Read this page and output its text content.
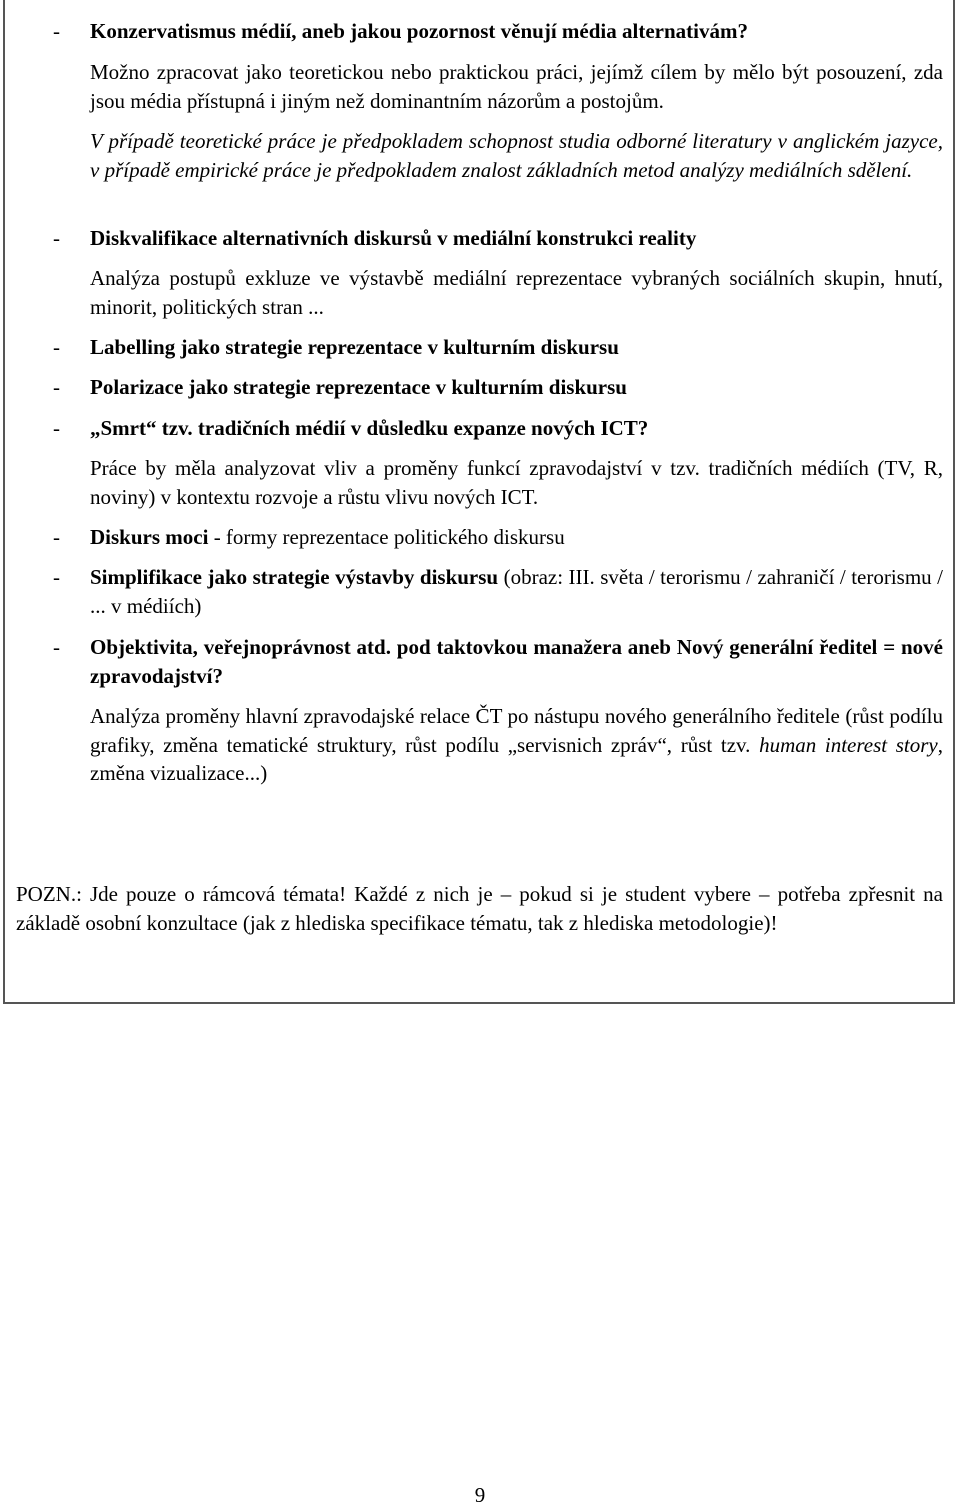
- Konzervatismus médií, aneb jakou pozornost věnují média alternativám?
Možno zpracovat jako teoretickou nebo praktickou práci, jejímž cílem by mělo být posouzení, zda jsou média přístupná i jiným než dominantním názorům a postojům.
V případě teoretické práce je předpokladem schopnost studia odborné literatury v anglickém jazyce, v případě empirické práce je předpokladem znalost základních metod analýzy mediálních sdělení.
- Diskvalifikace alternativních diskursů v mediální konstrukci reality
Analýza postupů exkluze ve výstavbě mediální reprezentace vybraných sociálních skupin, hnutí, minorit, politických stran ...
- Labelling jako strategie reprezentace v kulturním diskursu
- Polarizace jako strategie reprezentace v kulturním diskursu
- „Smrt“ tzv. tradičních médií v důsledku expanze nových ICT?
Práce by měla analyzovat vliv a proměny funkcí zpravodajství v tzv. tradičních médiích (TV, R, noviny) v kontextu rozvoje a růstu vlivu nových ICT.
- Diskurs moci - formy reprezentace politického diskursu
- Simplifikace jako strategie výstavby diskursu (obraz: III. světa / terorismu / zahraničí / terorismu / ... v médiích)
- Objektivita, veřejnoprávnost atd. pod taktovkou manažera aneb Nový generální ředitel = nové zpravodajství?
Analýza proměny hlavní zpravodajské relace ČT po nástupu nového generálního ředitele (růst podílu grafiky, změna tematické struktury, růst podílu „servisnich zpráv“, růst tzv. human interest story, změna vizualizace...)
POZN.: Jde pouze o rámcová témata! Každé z nich je – pokud si je student vybere – potřeba zpřesnit na základě osobní konzultace (jak z hlediska specifikace tématu, tak z hlediska metodologie)!
9
